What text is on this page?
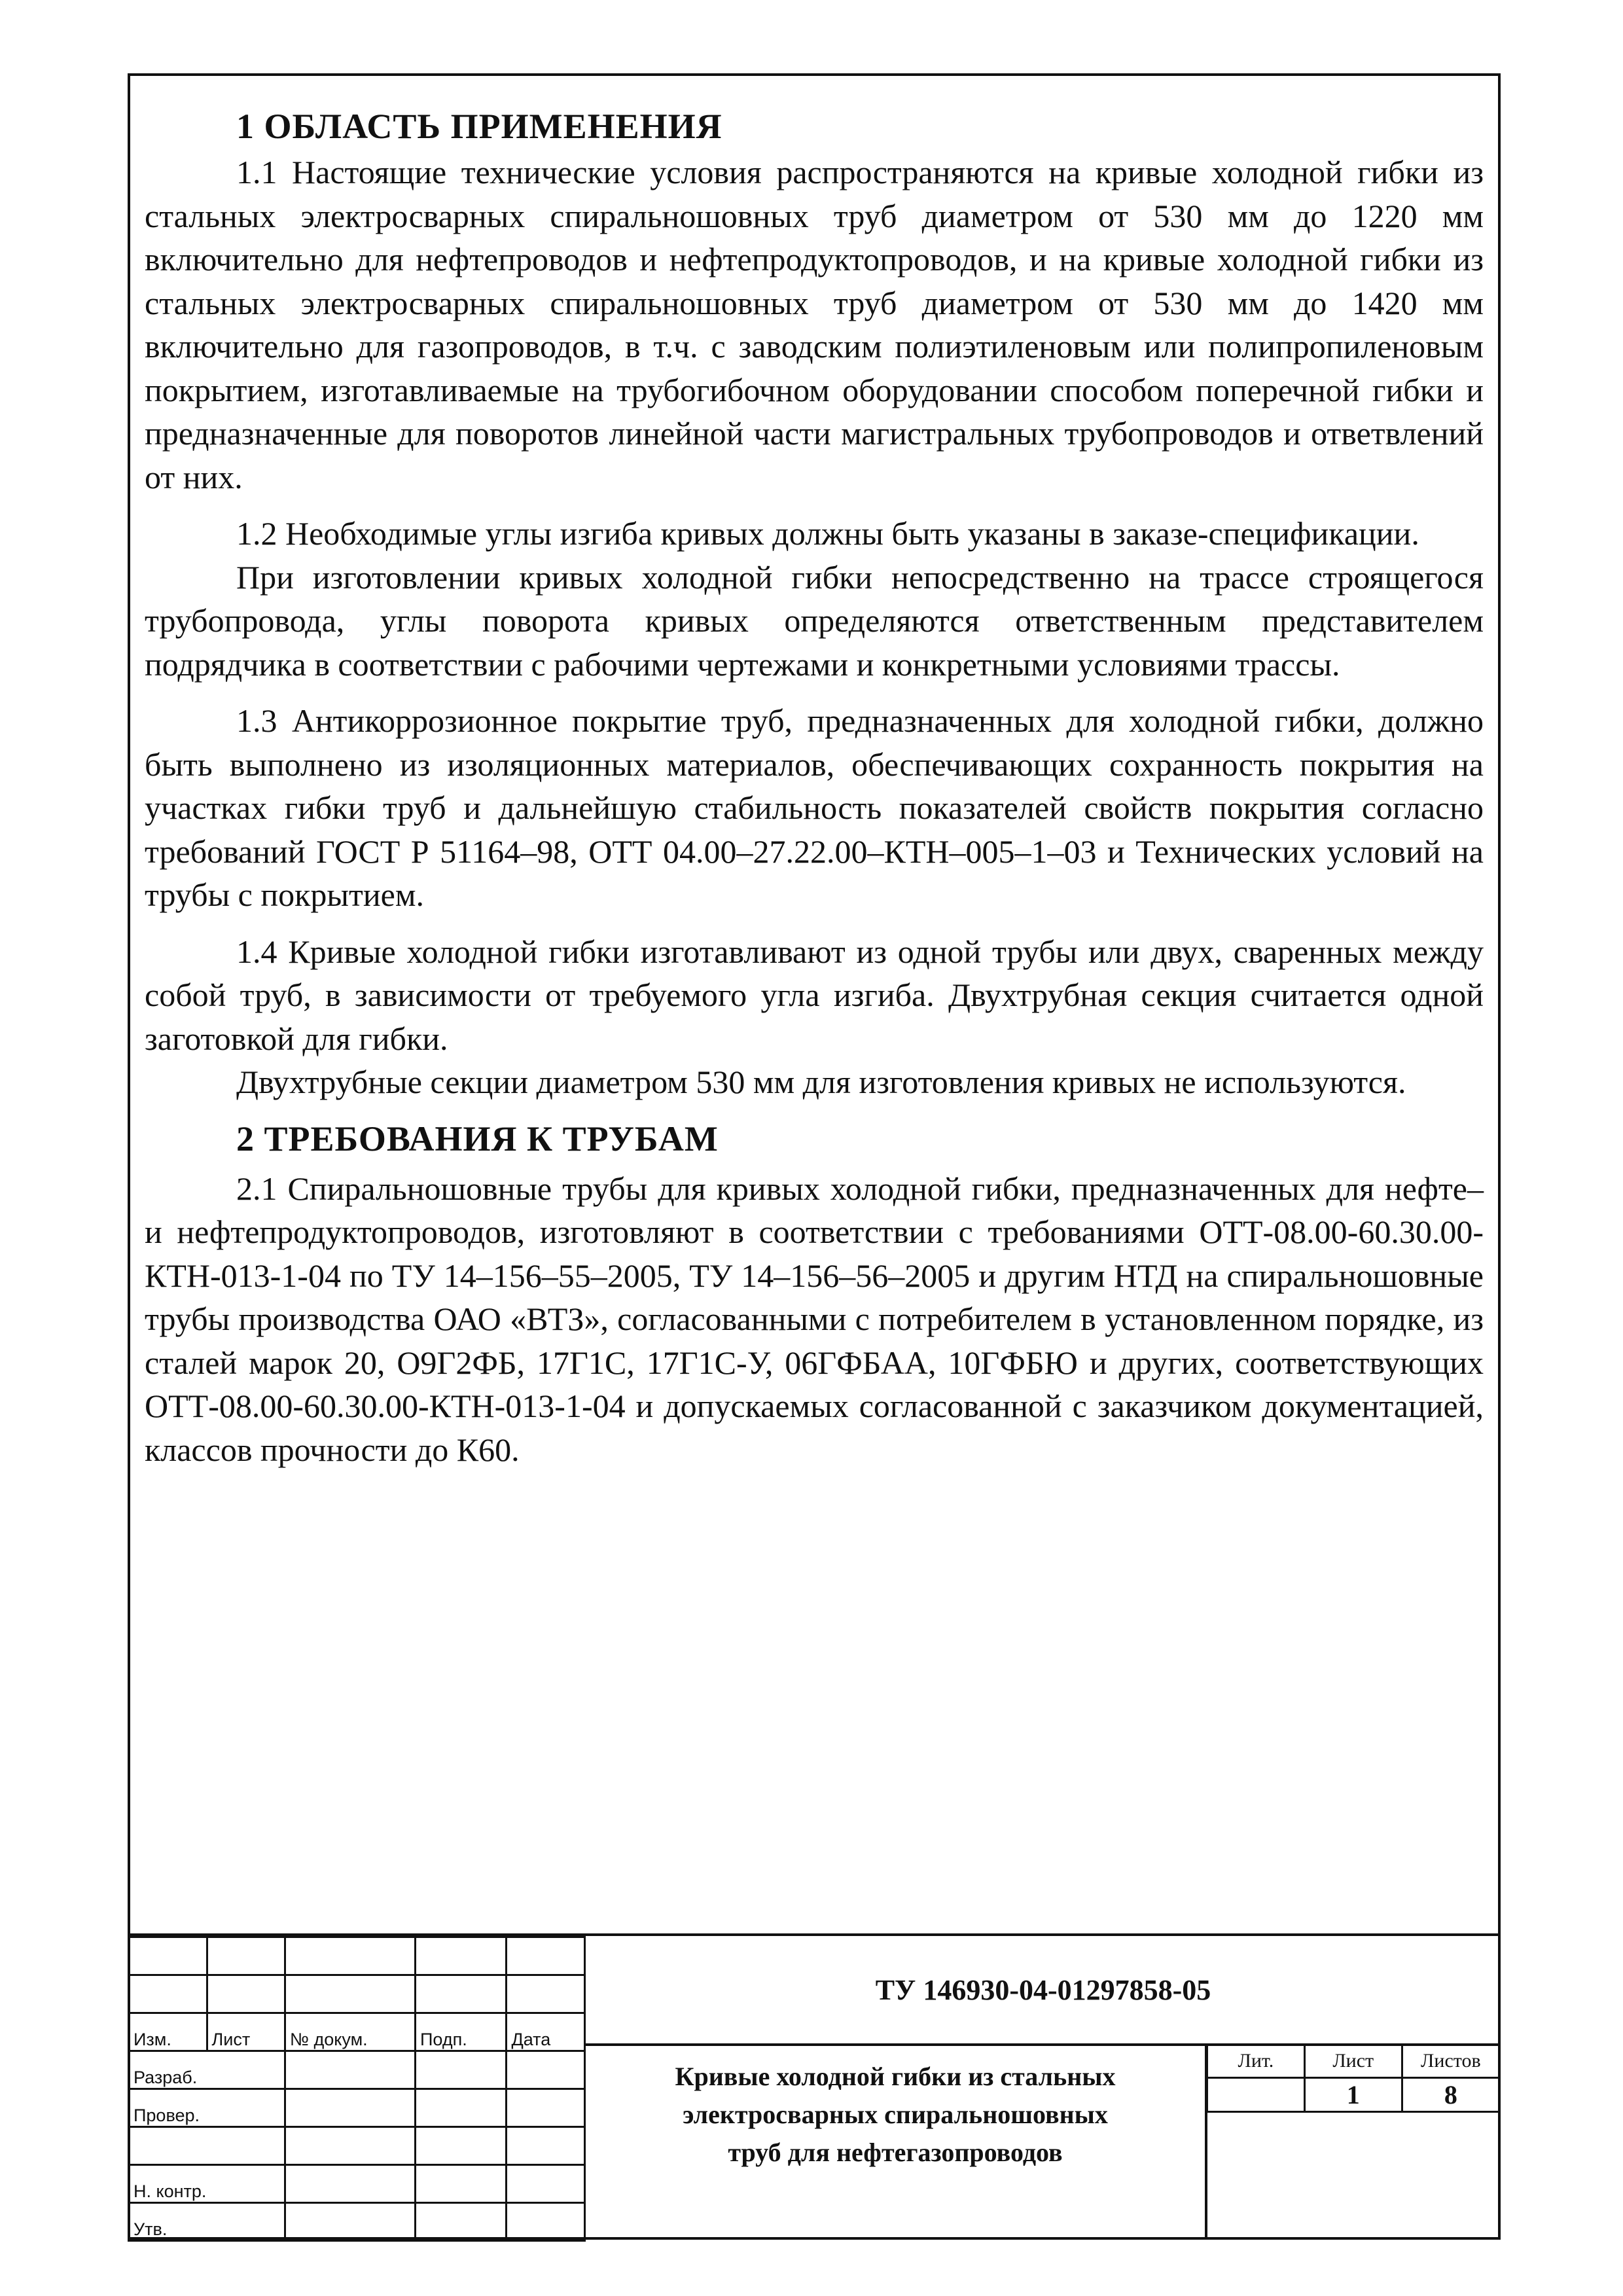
1 ОБЛАСТЬ ПРИМЕНЕНИЯ

1.1 Настоящие технические условия распространяются на кривые холодной гибки из стальных электросварных спиральношовных труб диаметром от 530 мм до 1220 мм включительно для нефтепроводов и нефтепродуктопроводов, и на кривые холодной гибки из стальных электросварных спиральношовных труб диаметром от 530 мм до 1420 мм включительно для газопроводов, в т.ч. с заводским полиэтиленовым или полипропиленовым покрытием, изготавливаемые на трубогибочном оборудовании способом поперечной гибки и предназначенные для поворотов линейной части магистральных трубопроводов и ответвлений от них.

1.2 Необходимые углы изгиба кривых должны быть указаны в заказе-спецификации.

При изготовлении кривых холодной гибки непосредственно на трассе строящегося трубопровода, углы поворота кривых определяются ответственным представителем подрядчика в соответствии с рабочими чертежами и конкретными условиями трассы.

1.3 Антикоррозионное покрытие труб, предназначенных для холодной гибки, должно быть выполнено из изоляционных материалов, обеспечивающих сохранность покрытия на участках гибки труб и дальнейшую стабильность показателей свойств покрытия согласно требований ГОСТ Р 51164–98, ОТТ 04.00–27.22.00–КТН–005–1–03 и Технических условий на трубы с покрытием.

1.4 Кривые холодной гибки изготавливают из одной трубы или двух, сваренных между собой труб, в зависимости от требуемого угла изгиба. Двухтрубная секция считается одной заготовкой для гибки.

Двухтрубные секции диаметром 530 мм для изготовления кривых не используются.

2 ТРЕБОВАНИЯ К ТРУБАМ

2.1 Спиральношовные трубы для кривых холодной гибки, предназначенных для нефте– и нефтепродуктопроводов, изготовляют в соответствии с требованиями ОТТ-08.00-60.30.00-КТН-013-1-04 по ТУ 14–156–55–2005, ТУ 14–156–56–2005 и другим НТД на спиральношовные трубы производства ОАО «ВТЗ», согласованными с потребителем в установленном порядке, из сталей марок 20, О9Г2ФБ, 17Г1С, 17Г1С-У, 06ГФБАА, 10ГФБЮ и других, соответствующих ОТТ-08.00-60.30.00-КТН-013-1-04 и допускаемых согласованной с заказчиком документацией, классов прочности до К60.

Изм.	Лист	№ докум.	Подп.	Дата
Разраб.				
Провер.				

Н. контр.				
Утв.				
ТУ 146930-04-01297858-05
Кривые холодной гибки из стальных
электросварных спиральношовных
труб для нефтегазопроводов
Лит.	Лист	Листов
	1	8
